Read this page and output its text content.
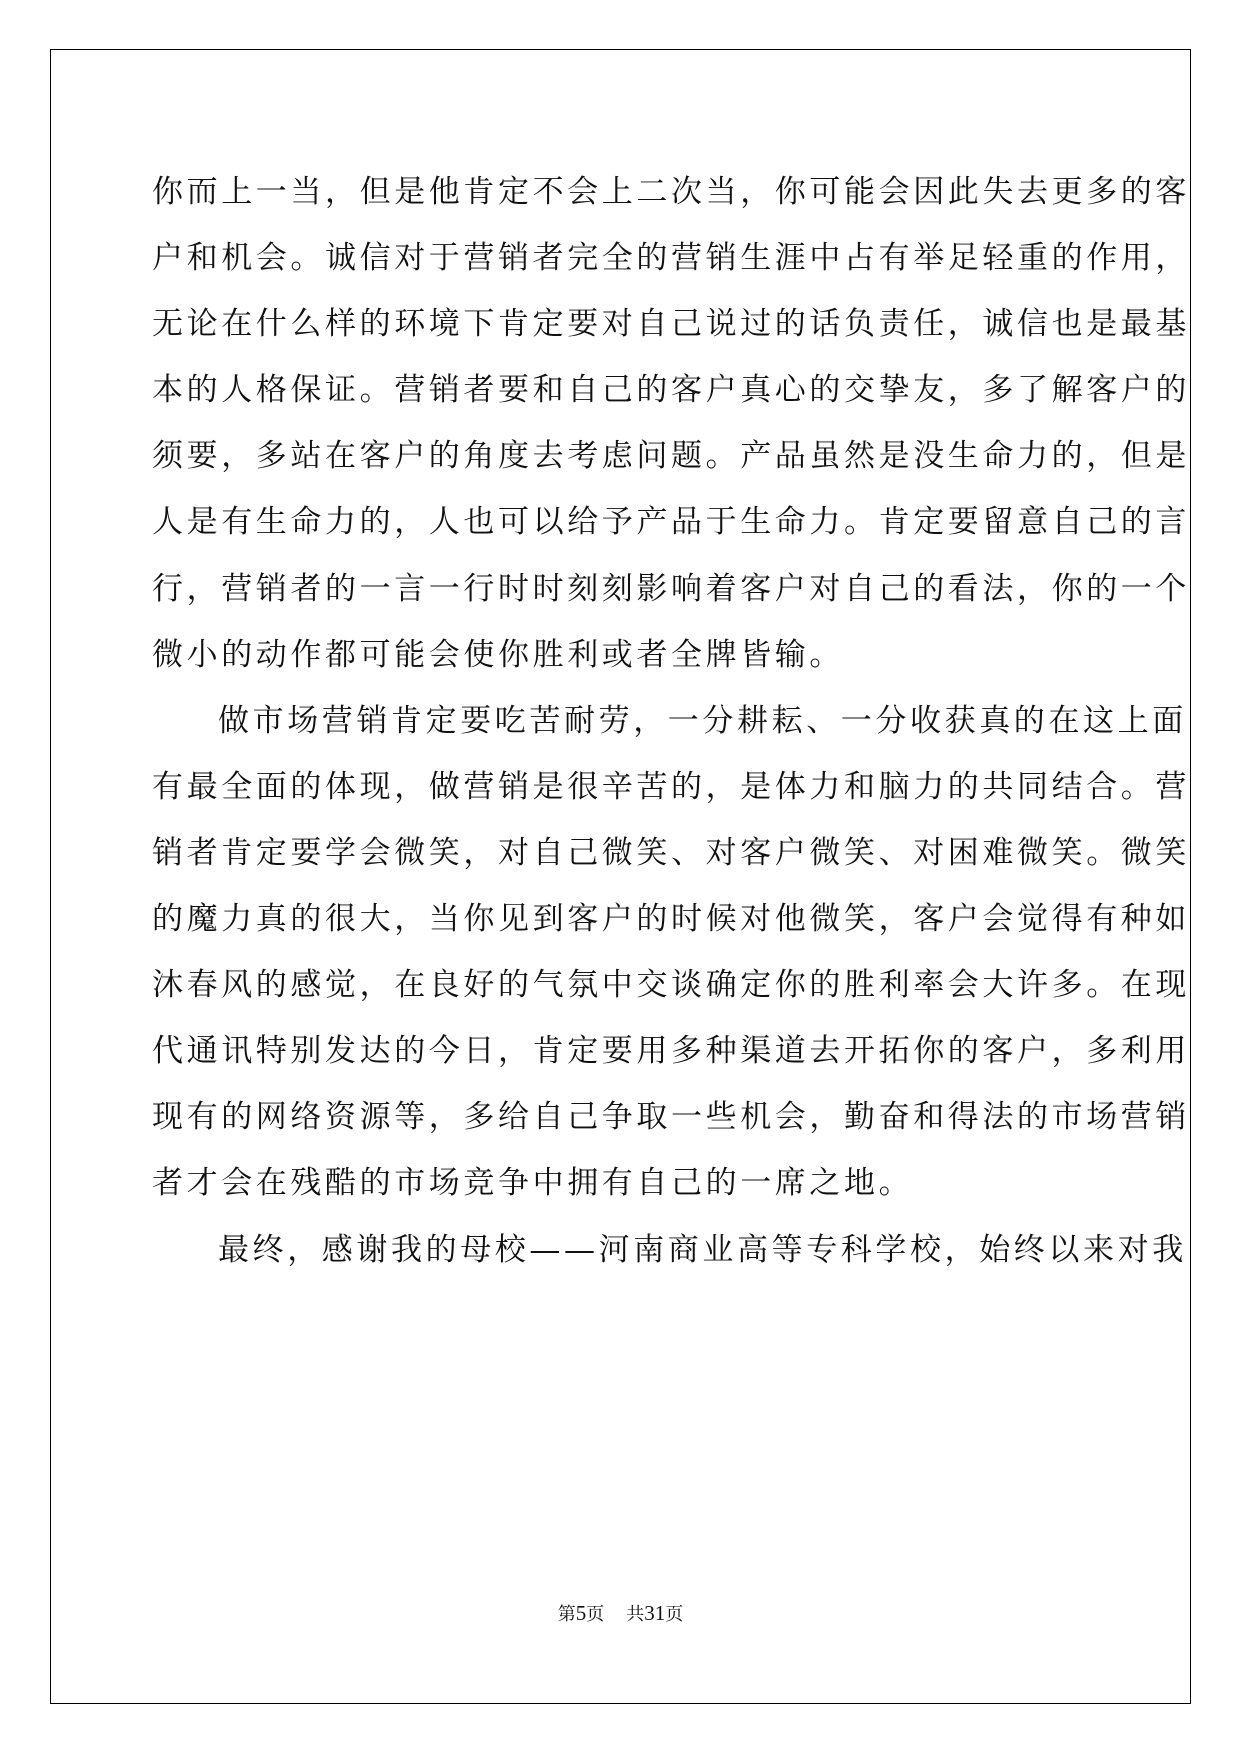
你而上一当，但是他肯定不会上二次当，你可能会因此失去更多的客
户和机会。诚信对于营销者完全的营销生涯中占有举足轻重的作用，
无论在什么样的环境下肯定要对自己说过的话负责任，诚信也是最基
本的人格保证。营销者要和自己的客户真心的交挚友，多了解客户的
须要，多站在客户的角度去考虑问题。产品虽然是没生命力的，但是
人是有生命力的，人也可以给予产品于生命力。肯定要留意自己的言
行，营销者的一言一行时时刻刻影响着客户对自己的看法，你的一个
微小的动作都可能会使你胜利或者全牌皆输。
做市场营销肯定要吃苦耐劳，一分耕耘、一分收获真的在这上面
有最全面的体现，做营销是很辛苦的，是体力和脑力的共同结合。营
销者肯定要学会微笑，对自己微笑、对客户微笑、对困难微笑。微笑
的魔力真的很大，当你见到客户的时候对他微笑，客户会觉得有种如
沐春风的感觉，在良好的气氛中交谈确定你的胜利率会大许多。在现
代通讯特别发达的今日，肯定要用多种渠道去开拓你的客户，多利用
现有的网络资源等，多给自己争取一些机会，勤奋和得法的市场营销
者才会在残酷的市场竞争中拥有自己的一席之地。
最终，感谢我的母校——河南商业高等专科学校，始终以来对我
第5页 共31页
